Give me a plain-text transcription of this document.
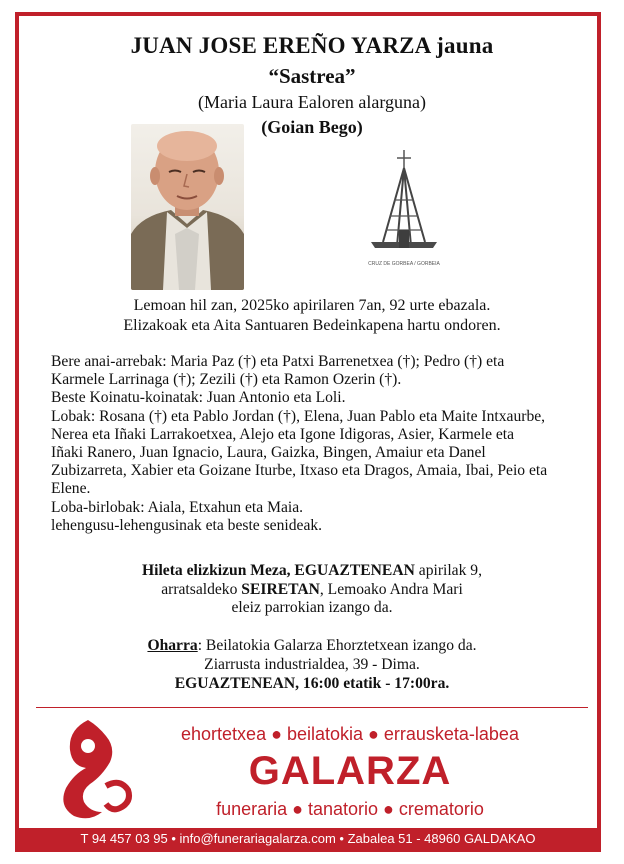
JUAN JOSE EREÑO YARZA jauna
“Sastrea”
(Maria Laura Ealoren alarguna)
(Goian Bego)
CRUZ DE GORBEA / GORBEIA
Lemoan hil zan, 2025ko apirilaren 7an, 92 urte ebazala.
Elizakoak eta Aita Santuaren Bedeinkapena hartu ondoren.

Bere anai-arrebak: Maria Paz (†) eta Patxi Barrenetxea (†); Pedro (†) eta

Karmele Larrinaga (†); Zezili (†) eta Ramon Ozerin (†).

Beste Koinatu-koinatak: Juan Antonio eta Loli.

Lobak: Rosana (†) eta Pablo Jordan (†), Elena, Juan Pablo eta Maite Intxaurbe,

Nerea eta Iñaki Larrakoetxea, Alejo eta Igone Idigoras, Asier, Karmele eta

Iñaki Ranero, Juan Ignacio, Laura, Gaizka, Bingen, Amaiur eta Danel

Zubizarreta, Xabier eta Goizane Iturbe, Itxaso eta Dragos, Amaia, Ibai, Peio eta

Elene.

Loba-birlobak: Aiala, Etxahun eta Maia.

lehengusu-lehengusinak eta beste senideak.

Hileta elizkizun Meza, EGUAZTENEAN apirilak 9,
arratsaldeko SEIRETAN, Lemoako Andra Mari
eleiz parrokian izango da.
Oharra: Beilatokia Galarza Ehorztetxean izango da.
Ziarrusta industrialdea, 39 - Dima.
EGUAZTENEAN, 16:00 etatik - 17:00ra.
ehortetxea ● beilatokia ● errausketa-labea
GALARZA
funeraria ● tanatorio ● crematorio
T 94 457 03 95 • info@funerariagalarza.com • Zabalea 51 - 48960 GALDAKAO
